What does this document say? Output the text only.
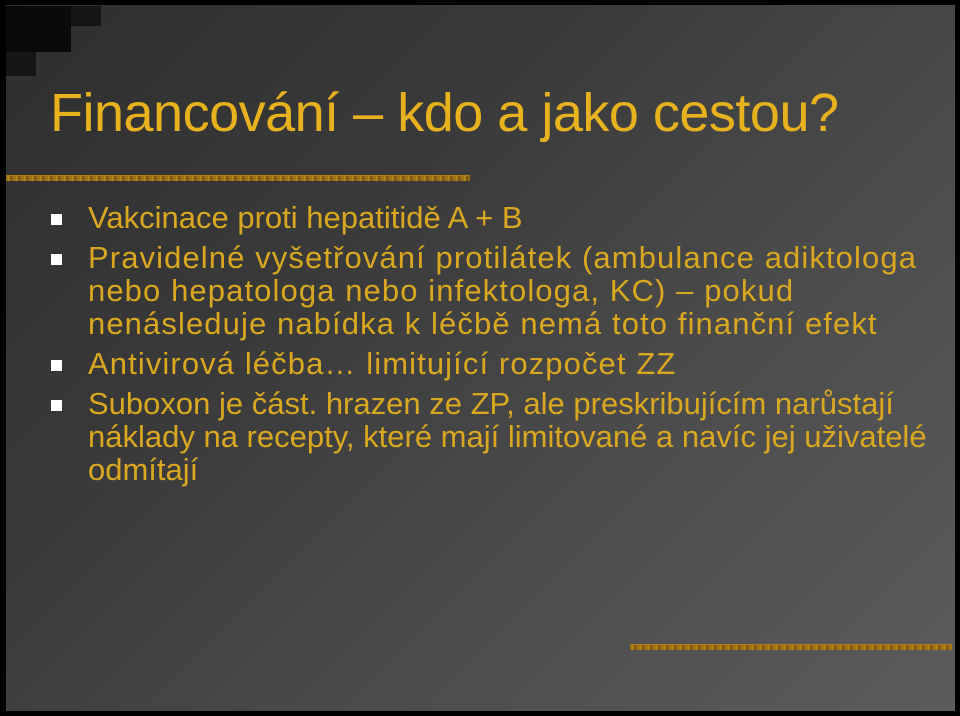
Financování – kdo a jako cestou?
Vakcinace proti hepatitidě A + B
Pravidelné vyšetřování protilátek (ambulance adiktologa nebo hepatologa nebo infektologa, KC) – pokud nenásleduje nabídka k léčbě nemá toto finanční efekt
Antivirová léčba… limitující rozpočet ZZ
Suboxon je část. hrazen ze ZP, ale preskribujícím narůstají náklady na recepty, které mají limitované a navíc jej uživatelé odmítají
